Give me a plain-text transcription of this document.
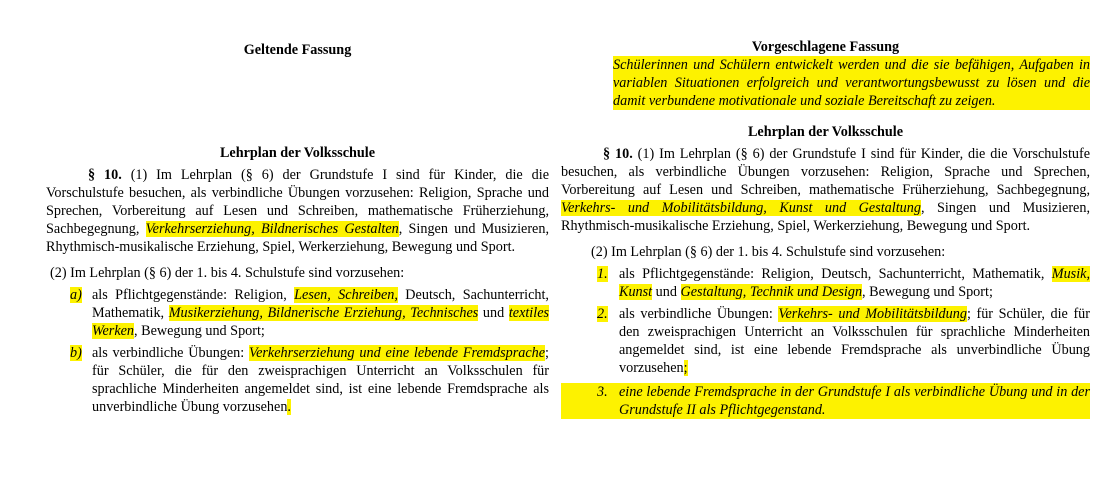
Geltende Fassung
Lehrplan der Volksschule
§ 10. (1) Im Lehrplan (§ 6) der Grundstufe I sind für Kinder, die die Vorschulstufe besuchen, als verbindliche Übungen vorzusehen: Religion, Sprache und Sprechen, Vorbereitung auf Lesen und Schreiben, mathematische Früherziehung, Sachbegegnung, Verkehrserziehung, Bildnerisches Gestalten, Singen und Musizieren, Rhythmisch-musikalische Erziehung, Spiel, Werkerziehung, Bewegung und Sport.
(2) Im Lehrplan (§ 6) der 1. bis 4. Schulstufe sind vorzusehen:
a) als Pflichtgegenstände: Religion, Lesen, Schreiben, Deutsch, Sachunterricht, Mathematik, Musikerziehung, Bildnerische Erziehung, Technisches und textiles Werken, Bewegung und Sport;
b) als verbindliche Übungen: Verkehrserziehung und eine lebende Fremdsprache; für Schüler, die für den zweisprachigen Unterricht an Volksschulen für sprachliche Minderheiten angemeldet sind, ist eine lebende Fremdsprache als unverbindliche Übung vorzusehen.
Vorgeschlagene Fassung
Schülerinnen und Schülern entwickelt werden und die sie befähigen, Aufgaben in variablen Situationen erfolgreich und verantwortungsbewusst zu lösen und die damit verbundene motivationale und soziale Bereitschaft zu zeigen.
Lehrplan der Volksschule
§ 10. (1) Im Lehrplan (§ 6) der Grundstufe I sind für Kinder, die die Vorschulstufe besuchen, als verbindliche Übungen vorzusehen: Religion, Sprache und Sprechen, Vorbereitung auf Lesen und Schreiben, mathematische Früherziehung, Sachbegegnung, Verkehrs- und Mobilitätsbildung, Kunst und Gestaltung, Singen und Musizieren, Rhythmisch-musikalische Erziehung, Spiel, Werkerziehung, Bewegung und Sport.
(2) Im Lehrplan (§ 6) der 1. bis 4. Schulstufe sind vorzusehen:
1. als Pflichtgegenstände: Religion, Deutsch, Sachunterricht, Mathematik, Musik, Kunst und Gestaltung, Technik und Design, Bewegung und Sport;
2. als verbindliche Übungen: Verkehrs- und Mobilitätsbildung; für Schüler, die für den zweisprachigen Unterricht an Volksschulen für sprachliche Minderheiten angemeldet sind, ist eine lebende Fremdsprache als unverbindliche Übung vorzusehen;
3. eine lebende Fremdsprache in der Grundstufe I als verbindliche Übung und in der Grundstufe II als Pflichtgegenstand.
